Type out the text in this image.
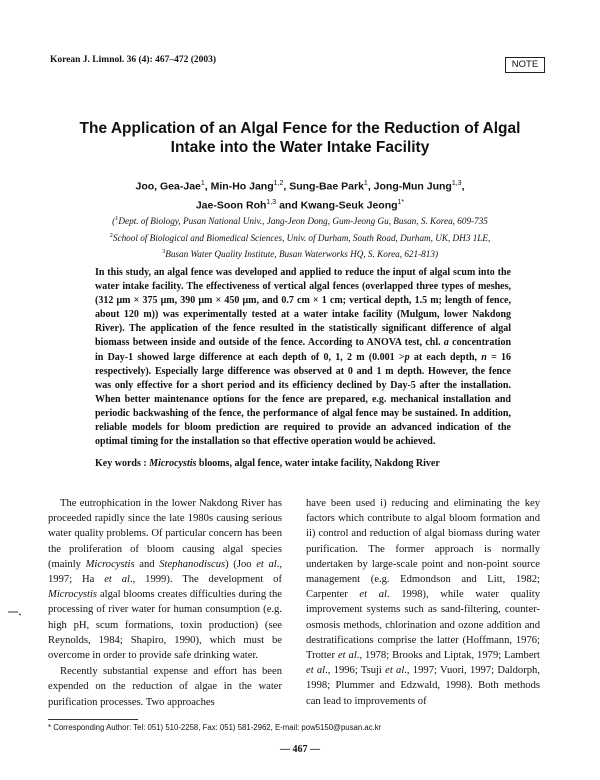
Korean J. Limnol. 36 (4): 467–472 (2003)	NOTE
The Application of an Algal Fence for the Reduction of Algal
Intake into the Water Intake Facility
Joo, Gea-Jae$^1$, Min-Ho Jang$^{1,2}$, Sung-Bae Park$^1$, Jong-Mun Jung$^{1,3}$,
Jae-Soon Roh$^{1,3}$ and Kwang-Seuk Jeong$^{1*}$
($^1$Dept. of Biology, Pusan National Univ., Jang-Jeon Dong, Gum-Jeong Gu, Busan, S. Korea, 609-735
$^2$School of Biological and Biomedical Sciences, Univ. of Durham, South Road, Durham, UK, DH3 1LE,
$^3$Busan Water Quality Institute, Busan Waterworks HQ, S. Korea, 621-813)
In this study, an algal fence was developed and applied to reduce the input of algal scum into the water intake facility. The effectiveness of vertical algal fences (overlapped three types of meshes, (312 μm × 375 μm, 390 μm × 450 μm, and 0.7 cm × 1 cm; vertical depth, 1.5 m; length of fence, about 120 m)) was experimentally tested at a water intake facility (Mulgum, lower Nakdong River). The application of the fence resulted in the statistically significant difference of algal biomass between inside and outside of the fence. According to ANOVA test, chl. a concentration in Day-1 showed large difference at each depth of 0, 1, 2 m (0.001 >p at each depth, n = 16 respectively). Especially large difference was observed at 0 and 1 m depth. However, the fence was only effective for a short period and its efficiency declined by Day-5 after the installation. When better maintenance options for the fence are prepared, e.g. mechanical installation and periodic backwashing of the fence, the performance of algal fence may be sustained. In addition, reliable models for bloom prediction are required to provide an advanced indication of the optimal timing for the installation so that effective operation would be achieved.
Key words : Microcystis blooms, algal fence, water intake facility, Nakdong River

The eutrophication in the lower Nakdong River has proceeded rapidly since the late 1980s causing serious water quality problems. Of particular concern has been the proliferation of bloom causing algal species (mainly Microcystis and Stephanodiscus) (Joo et al., 1997; Ha et al., 1999). The development of Microcystis algal blooms creates difficulties during the processing of river water for human consumption (e.g. high pH, scum formations, toxin production) (see Reynolds, 1984; Shapiro, 1990), which must be overcome in order to provide safe drinking water.

Recently substantial expense and effort has been expended on the reduction of algae in the water purification processes. Two approaches

have been used i) reducing and eliminating the key factors which contribute to algal bloom formation and ii) control and reduction of algal biomass during water purification. The former approach is normally undertaken by large-scale point and non-point source management (e.g. Edmondson and Litt, 1982; Carpenter et al. 1998), while water quality improvement systems such as sand-filtering, counter-osmosis methods, chlorination and ozone addition and destratifications comprise the latter (Hoffmann, 1976; Trotter et al., 1978; Brooks and Liptak, 1979; Lambert et al., 1996; Tsuji et al., 1997; Vuori, 1997; Daldorph, 1998; Plummer and Edzwald, 1998). Both methods can lead to improvements of

* Corresponding Author: Tel: 051) 510-2258, Fax: 051) 581-2962, E-mail: pow5150@pusan.ac.kr
— 467 —
